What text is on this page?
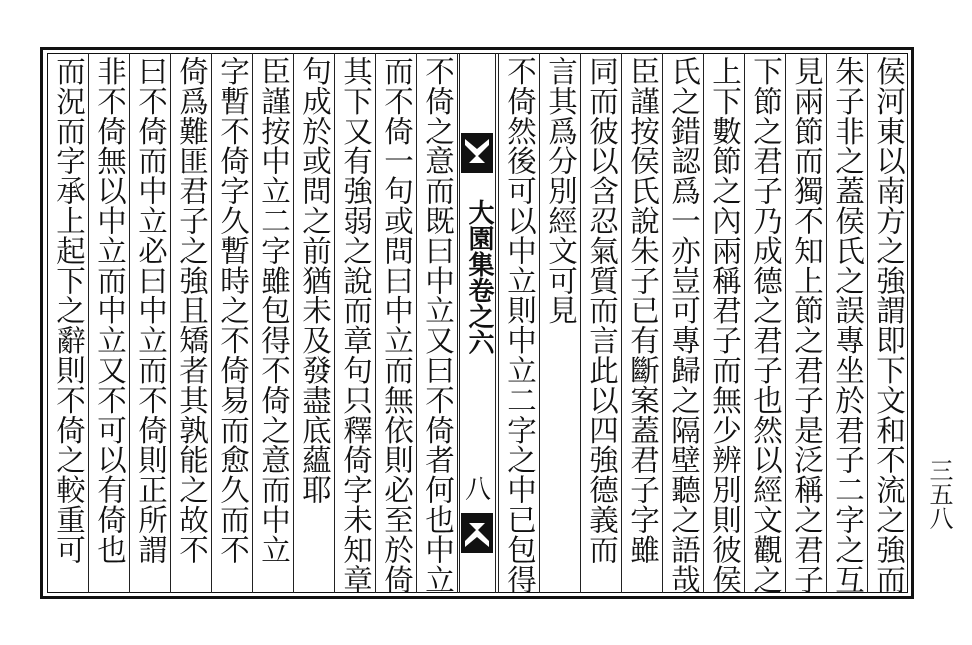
侯河東以南方之強謂即下文和不流之強而
朱子非之蓋侯氏之誤專坐於君子二字之互
見兩節而獨不知上節之君子是泛稱之君子
下節之君子乃成德之君子也然以經文觀之
上下數節之內兩稱君子而無少辨別則彼侯
氏之錯認爲一亦豈可專歸之隔壁聽之語哉
臣謹按侯氏說朱子已有斷案蓋君子字雖
同而彼以含忍氣質而言此以四強德義而
言其爲分別經文可見
不倚然後可以中立則中立二字之中已包得
不倚之意而既曰中立又曰不倚者何也中立
而不倚一句或問曰中立而無依則必至於倚
其下又有強弱之說而章句只釋倚字未知章
句成於或問之前猶未及發盡底蘊耶
臣謹按中立二字雖包得不倚之意而中立
字暫不倚字久暫時之不倚易而愈久而不
倚爲難匪君子之強且矯者其孰能之故不
曰不倚而中立必曰中立而不倚則正所謂
非不倚無以中立而中立又不可以有倚也
而況而字承上起下之辭則不倚之較重可	大園集卷之六
八	三五八
